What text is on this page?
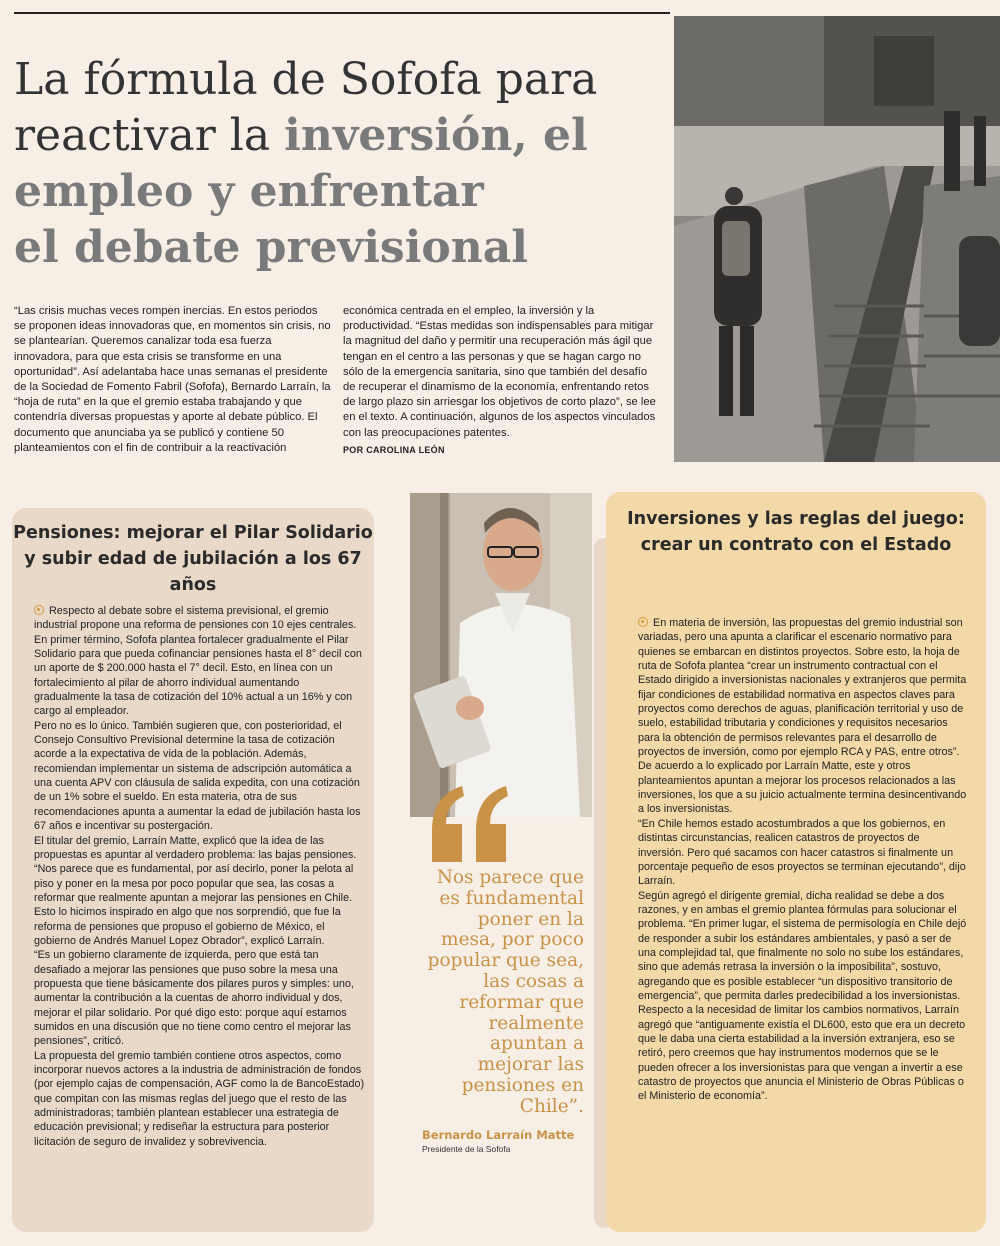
La fórmula de Sofofa para
reactivar la inversión, el
empleo y enfrentar
el debate previsional

“Las crisis muchas veces rompen inercias. En estos periodos se proponen ideas innovadoras que, en momentos sin crisis, no se plantearían. Queremos canalizar toda esa fuerza innovadora, para que esta crisis se transforme en una oportunidad”. Así adelantaba hace unas semanas el presidente de la Sociedad de Fomento Fabril (Sofofa), Bernardo Larraín, la “hoja de ruta” en la que el gremio estaba trabajando y que contendría diversas propuestas y aporte al debate público. El documento que anunciaba ya se publicó y contiene 50 planteamientos con el fin de contribuir a la reactivación

económica centrada en el empleo, la inversión y la productividad. “Estas medidas son indispensables para mitigar la magnitud del daño y permitir una recuperación más ágil que tengan en el centro a las personas y que se hagan cargo no sólo de la emergencia sanitaria, sino que también del desafío de recuperar el dinamismo de la economía, enfrentando retos de largo plazo sin arriesgar los objetivos de corto plazo”, se lee en el texto. A continuación, algunos de los aspectos vinculados con las preocupaciones patentes.

POR CAROLINA LEÓN

Pensiones: mejorar el Pilar Solidario y subir edad de jubilación a los 67 años

Respecto al debate sobre el sistema previsional, el gremio industrial propone una reforma de pensiones con 10 ejes centrales. En primer término, Sofofa plantea fortalecer gradualmente el Pilar Solidario para que pueda cofinanciar pensiones hasta el 8° decil con un aporte de $ 200.000 hasta el 7° decil. Esto, en línea con un fortalecimiento al pilar de ahorro individual aumentando gradualmente la tasa de cotización del 10% actual a un 16% y con cargo al empleador.

Pero no es lo único. También sugieren que, con posterioridad, el Consejo Consultivo Previsional determine la tasa de cotización acorde a la expectativa de vida de la población. Además, recomiendan implementar un sistema de adscripción automática a una cuenta APV con cláusula de salida expedita, con una cotización de un 1% sobre el sueldo. En esta materia, otra de sus recomendaciones apunta a aumentar la edad de jubilación hasta los 67 años e incentivar su postergación.

El titular del gremio, Larraín Matte, explicó que la idea de las propuestas es apuntar al verdadero problema: las bajas pensiones.

“Nos parece que es fundamental, por así decirlo, poner la pelota al piso y poner en la mesa por poco popular que sea, las cosas a reformar que realmente apuntan a mejorar las pensiones en Chile. Esto lo hicimos inspirado en algo que nos sorprendió, que fue la reforma de pensiones que propuso el gobierno de México, el gobierno de Andrés Manuel Lopez Obrador”, explicó Larraín.

“Es un gobierno claramente de izquierda, pero que está tan desafiado a mejorar las pensiones que puso sobre la mesa una propuesta que tiene básicamente dos pilares puros y simples: uno, aumentar la contribución a la cuentas de ahorro individual y dos, mejorar el pilar solidario. Por qué digo esto: porque aquí estamos sumidos en una discusión que no tiene como centro el mejorar las pensiones”, criticó.

La propuesta del gremio también contiene otros aspectos, como incorporar nuevos actores a la industria de administración de fondos (por ejemplo cajas de compensación, AGF como la de BancoEstado) que compitan con las mismas reglas del juego que el resto de las administradoras; también plantean establecer una estrategia de educación previsional; y rediseñar la estructura para posterior licitación de seguro de invalidez y sobrevivencia.

Inversiones y las reglas del juego: crear un contrato con el Estado

En materia de inversión, las propuestas del gremio industrial son variadas, pero una apunta a clarificar el escenario normativo para quienes se embarcan en distintos proyectos. Sobre esto, la hoja de ruta de Sofofa plantea “crear un instrumento contractual con el Estado dirigido a inversionistas nacionales y extranjeros que permita fijar condiciones de estabilidad normativa en aspectos claves para proyectos como derechos de aguas, planificación territorial y uso de suelo, estabilidad tributaria y condiciones y requisitos necesarios para la obtención de permisos relevantes para el desarrollo de proyectos de inversión, como por ejemplo RCA y PAS, entre otros”.

De acuerdo a lo explicado por Larraín Matte, este y otros planteamientos apuntan a mejorar los procesos relacionados a las inversiones, los que a su juicio actualmente termina desincentivando a los inversionistas.

“En Chile hemos estado acostumbrados a que los gobiernos, en distintas circunstancias, realicen catastros de proyectos de inversión. Pero qué sacamos con hacer catastros si finalmente un porcentaje pequeño de esos proyectos se terminan ejecutando”, dijo Larraín.

Según agregó el dirigente gremial, dicha realidad se debe a dos razones, y en ambas el gremio plantea fórmulas para solucionar el problema. “En primer lugar, el sistema de permisología en Chile dejó de responder a subir los estándares ambientales, y pasó a ser de una complejidad tal, que finalmente no solo no sube los estándares, sino que además retrasa la inversión o la imposibilita”, sostuvo, agregando que es posible establecer “un dispositivo transitorio de emergencia”, que permita darles predecibilidad a los inversionistas.

Respecto a la necesidad de limitar los cambios normativos, Larraín agregó que “antiguamente existía el DL600, esto que era un decreto que le daba una cierta estabilidad a la inversión extranjera, eso se retiró, pero creemos que hay instrumentos modernos que se le pueden ofrecer a los inversionistas para que vengan a invertir a ese catastro de proyectos que anuncia el Ministerio de Obras Públicas o el Ministerio de economía”.

Nos parece que es fundamental poner en la mesa, por poco popular que sea, las cosas a reformar que realmente apuntan a mejorar las pensiones en Chile”.

Bernardo Larraín Matte

Presidente de la Sofofa
